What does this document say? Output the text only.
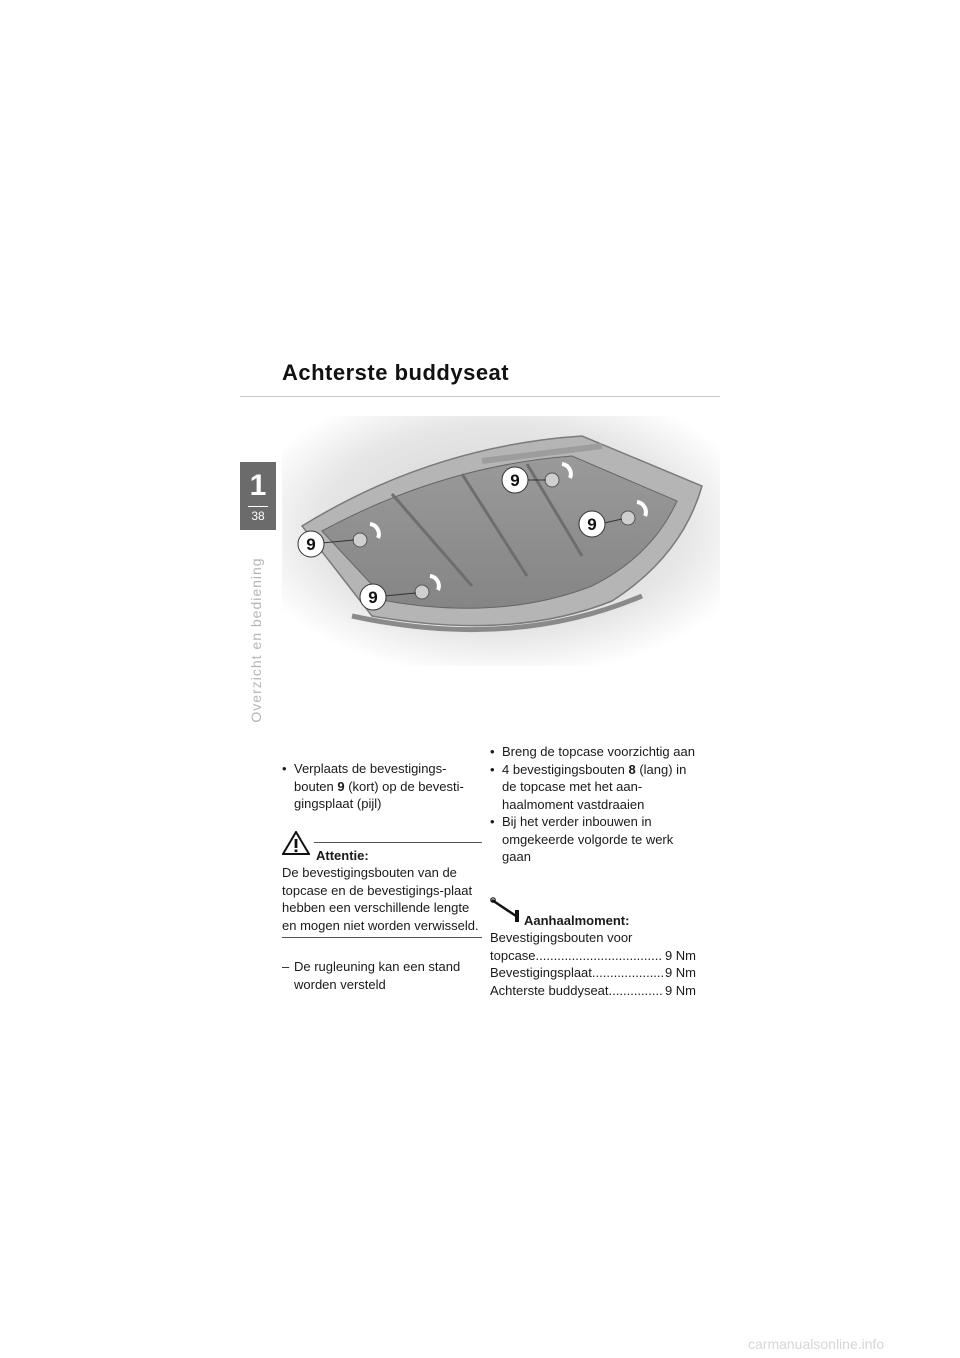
Achterste buddyseat
1
38
Overzicht en bediening
9
9
9
9

• Verplaats de bevestigings-bouten 9 (kort) op de bevesti-gingsplaat (pijl)

Attentie:

De bevestigingsbouten van de topcase en de bevestigings-plaat hebben een verschillende lengte en mogen niet worden verwisseld.

– De rugleuning kan een stand worden versteld

• Breng de topcase voorzichtig aan

• 4 bevestigingsbouten 8 (lang) in de topcase met het aan-haalmoment vastdraaien

• Bij het verder inbouwen in omgekeerde volgorde te werk gaan

Aanhaalmoment:
Bevestigingsbouten voor
topcase .....	9 Nm
Bevestigingsplaat .....	9 Nm
Achterste buddyseat .....	9 Nm
carmanualsonline.info
